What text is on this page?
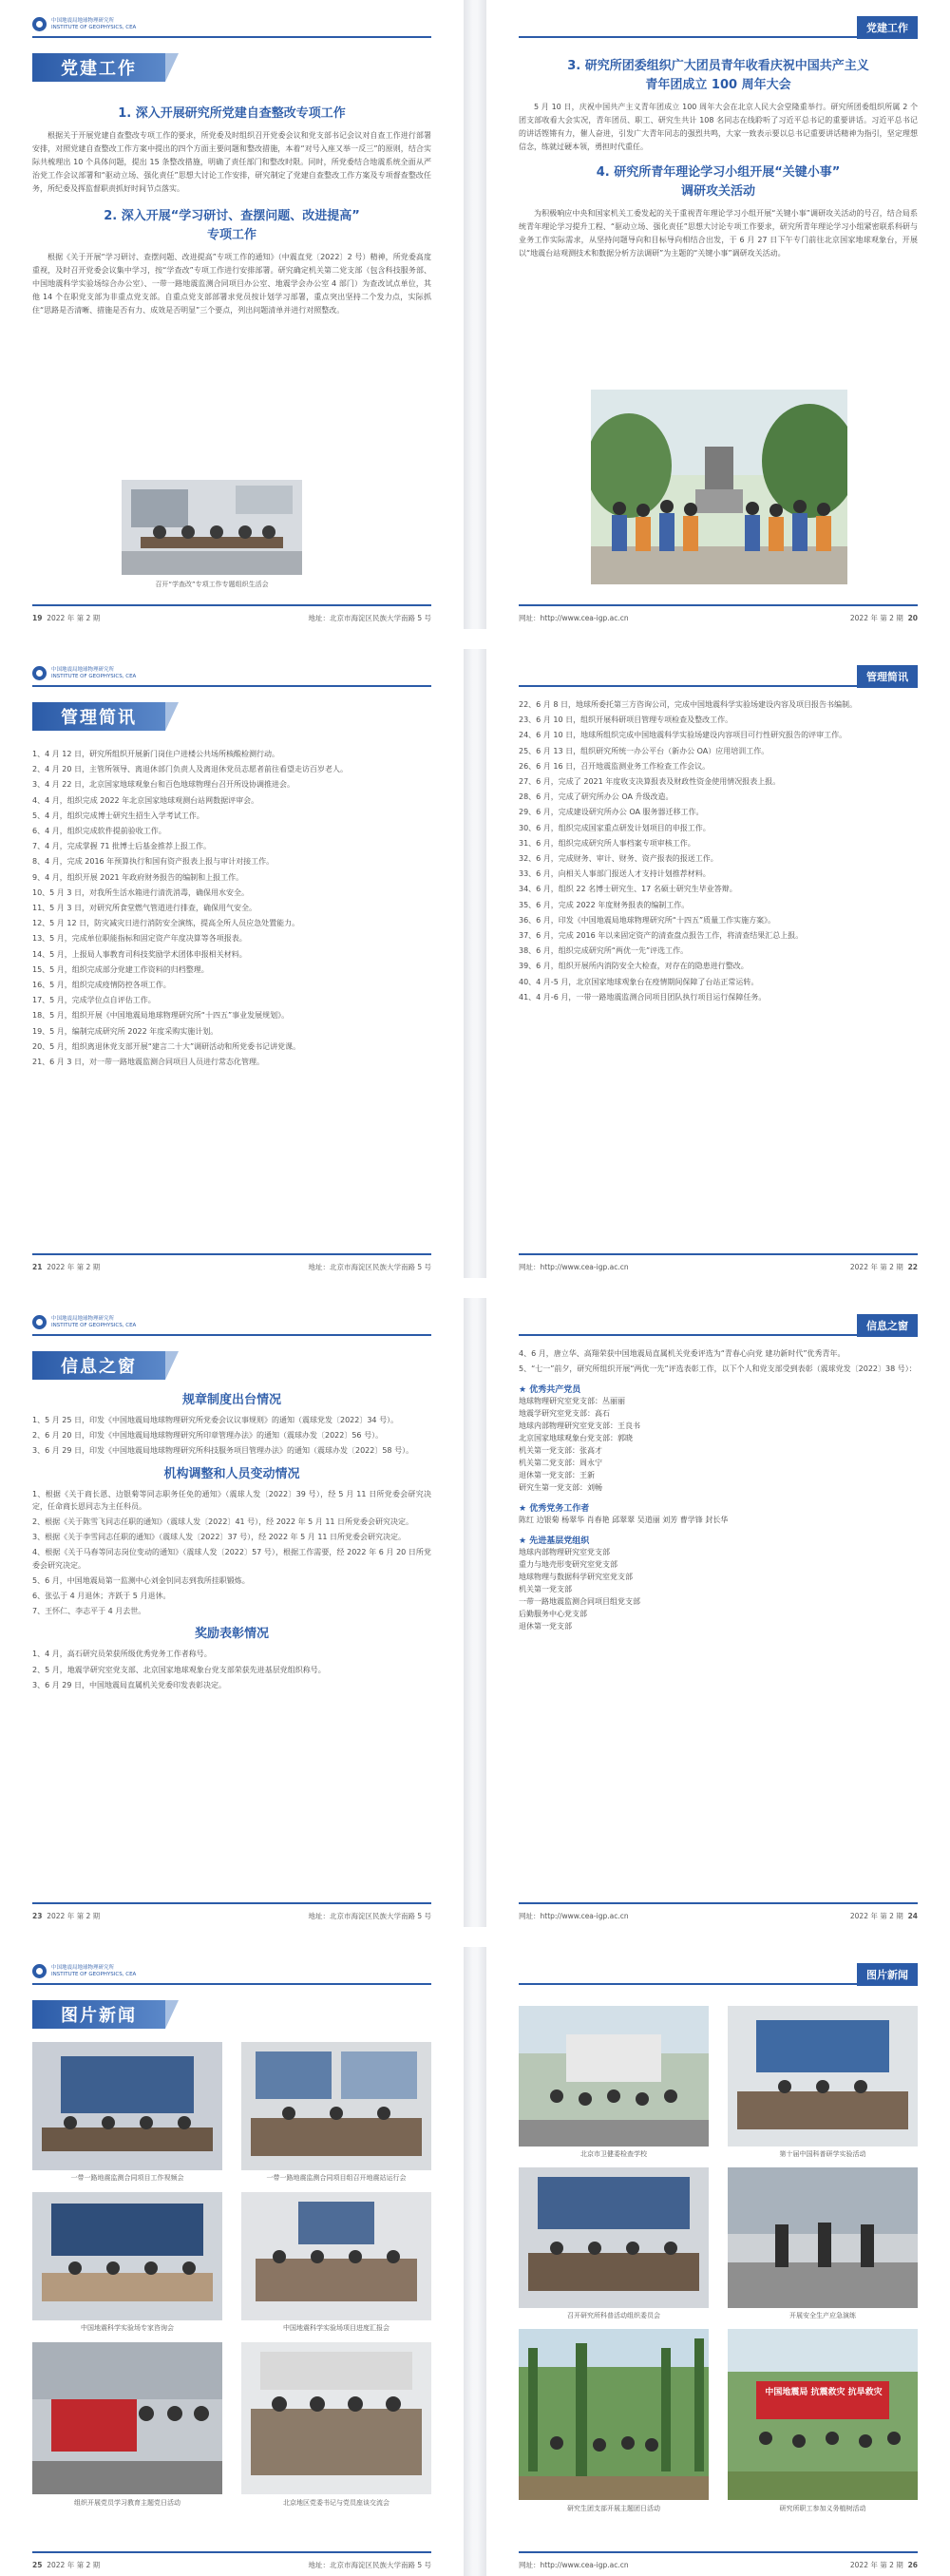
中国地震局地球物理研究所
INSTITUTE OF GEOPHYSICS, CEA
党建工作
1. 深入开展研究所党建自查整改专项工作
根据关于开展党建自查整改专项工作的要求，所党委及时组织召开党委会议和党支部书记会议对自查工作进行部署安排，对照党建自查整改工作方案中提出的四个方面主要问题和整改措施，本着“对号入座又举一反三”的原则，结合实际共梳理出 10 个具体问题，提出 15 条整改措施，明确了责任部门和整改时限。同时，所党委结合地震系统全面从严治党工作会议部署和“驱动立场、强化责任”思想大讨论工作安排，研究制定了党建自查整改工作方案及专项督查整改任务，所纪委及挥监督职责抓好时间节点落实。
2. 深入开展“学习研讨、查摆问题、改进提高”
专项工作
根据《关于开展“学习研讨、查摆问题、改进提高”专项工作的通知》（中震直党〔2022〕2 号）精神，所党委高度重视，及时召开党委会议集中学习，按“学查改”专项工作进行安排部署。研究确定机关第二党支部（包含科技服务部、中国地震科学实验场综合办公室）、一带一路地震监测合同项目办公室、地震学会办公室 4 部门）为查改试点单位，其他 14 个在职党支部为非重点党支部。自重点党支部部署求党员按计划学习部署，重点突出坚持二个发力点，实际抓住“思路是否清晰、措施是否有力、成效是否明显”三个要点，列出问题清单并进行对照整改。
召开“学查改”专项工作专题组织生活会
19 2022 年 第 2 期	地址：北京市海淀区民族大学南路 5 号
党建工作
3. 研究所团委组织广大团员青年收看庆祝中国共产主义
青年团成立 100 周年大会
5 月 10 日，庆祝中国共产主义青年团成立 100 周年大会在北京人民大会堂隆重举行。研究所团委组织所属 2 个团支部收看大会实况，青年团员、职工、研究生共计 108 名同志在线聆听了习近平总书记的重要讲话。习近平总书记的讲话铿锵有力，催人奋进，引发广大青年同志的强烈共鸣，大家一致表示要以总书记重要讲话精神为指引，坚定理想信念，练就过硬本领，勇担时代重任。
4. 研究所青年理论学习小组开展“关键小事”
调研攻关活动
为积极响应中央和国家机关工委发起的关于重视青年理论学习小组开展“关键小事”调研攻关活动的号召，结合局系统青年理论学习提升工程、“驱动立场、强化责任”思想大讨论专项工作要求，研究所青年理论学习小组紧密联系科研与业务工作实际需求，从坚持问题导向和目标导向相结合出发，于 6 月 27 日下午专门前往北京国家地球观象台，开展以“地震台站观测技术和数据分析方法调研”为主题的“关键小事”调研攻关活动。
网址：http://www.cea-igp.ac.cn	2022 年 第 2 期 20
中国地震局地球物理研究所
INSTITUTE OF GEOPHYSICS, CEA
管理简讯
1、4 月 12 日，研究所组织开展新门岗住户进楼公共场所核酸检测行动。
2、4 月 20 日，主管所领导、离退休部门负责人及离退休党员志愿者前往看望走访百岁老人。
3、4 月 22 日，北京国家地球观象台和百色地球物理台召开所设协调推进会。
4、4 月，组织完成 2022 年北京国家地球观测台站网数据评审会。
5、4 月，组织完成博士研究生招生入学考试工作。
6、4 月，组织完成软件提前验收工作。
7、4 月，完成掌握 71 批博士后基金推荐上报工作。
8、4 月，完成 2016 年预算执行和国有资产报表上报与审计对接工作。
9、4 月，组织开展 2021 年政府财务报告的编制和上报工作。
10、5 月 3 日，对我所生活水箱进行清洗消毒，确保用水安全。
11、5 月 3 日，对研究所食堂燃气管道进行排查，确保用气安全。
12、5 月 12 日，防灾减灾日进行消防安全演练，提高全所人员应急处置能力。
13、5 月，完成单位职能指标和固定资产年度决算等各项报表。
14、5 月，上报局人事教育司科技奖励学术团体申报相关材料。
15、5 月，组织完成部分党建工作资料的归档整理。
16、5 月，组织完成疫情防控各项工作。
17、5 月，完成学位点自评估工作。
18、5 月，组织开展《中国地震局地球物理研究所“十四五”事业发展规划》。
19、5 月，编制完成研究所 2022 年度采购实施计划。
20、5 月，组织离退休党支部开展“建言二十大”调研活动和所党委书记讲党课。
21、6 月 3 日，对一带一路地震监测合同项目人员进行常态化管理。
21 2022 年 第 2 期	地址：北京市海淀区民族大学南路 5 号
管理简讯
22、6 月 8 日，地球所委托第三方咨询公司，完成中国地震科学实验场建设内容及项目报告书编制。
23、6 月 10 日，组织开展科研项目管理专项检查及整改工作。
24、6 月 10 日，地球所组织完成中国地震科学实验场建设内容项目可行性研究报告的评审工作。
25、6 月 13 日，组织研究所统一办公平台（新办公 OA）应用培训工作。
26、6 月 16 日，召开地震监测业务工作检查工作会议。
27、6 月，完成了 2021 年度收支决算报表及财政性资金使用情况报表上报。
28、6 月，完成了研究所办公 OA 升级改造。
29、6 月，完成建设研究所办公 OA 服务器迁移工作。
30、6 月，组织完成国家重点研发计划项目的申报工作。
31、6 月，组织完成研究所人事档案专项审核工作。
32、6 月，完成财务、审计、财务、资产报表的报送工作。
33、6 月，向相关人事部门报送人才支持计划推荐材料。
34、6 月，组织 22 名博士研究生、17 名硕士研究生毕业答辩。
35、6 月，完成 2022 年度财务报表的编制工作。
36、6 月，印发《中国地震局地球物理研究所“十四五”质量工作实施方案》。
37、6 月，完成 2016 年以来固定资产的清查盘点报告工作，将清查结果汇总上报。
38、6 月，组织完成研究所“两优一先”评选工作。
39、6 月，组织开展所内消防安全大检查，对存在的隐患进行整改。
40、4 月-5 月，北京国家地球观象台在疫情期间保障了台站正常运转。
41、4 月-6 月，一带一路地震监测合同项目团队执行项目运行保障任务。
网址：http://www.cea-igp.ac.cn	2022 年 第 2 期 22
中国地震局地球物理研究所
INSTITUTE OF GEOPHYSICS, CEA
信息之窗
规章制度出台情况
1、5 月 25 日，印发《中国地震局地球物理研究所党委会议议事规则》的通知（震球党发〔2022〕34 号）。
2、6 月 20 日，印发《中国地震局地球物理研究所印章管理办法》的通知（震球办发〔2022〕56 号）。
3、6 月 29 日，印发《中国地震局地球物理研究所科技服务项目管理办法》的通知（震球办发〔2022〕58 号）。
机构调整和人员变动情况
1、根据《关于商长恩、边银菊等同志职务任免的通知》（震球人发〔2022〕39 号），经 5 月 11 日所党委会研究决定，任命商长恩同志为主任科员。
2、根据《关于陈雪飞同志任职的通知》（震球人发〔2022〕41 号），经 2022 年 5 月 11 日所党委会研究决定。
3、根据《关于李雪同志任职的通知》（震球人发〔2022〕37 号），经 2022 年 5 月 11 日所党委会研究决定。
4、根据《关于马春等同志岗位变动的通知》（震球人发〔2022〕57 号），根据工作需要，经 2022 年 6 月 20 日所党委会研究决定。
5、6 月，中国地震局第一监测中心刘金钊同志到我所挂职锻炼。
6、张弘于 4 月退休；齐跃于 5 月退休。
7、王怀仁、李志平于 4 月去世。
奖励表彰情况
1、4 月，高石研究员荣获所级优秀党务工作者称号。
2、5 月，地震学研究室党支部、北京国家地球观象台党支部荣获先进基层党组织称号。
3、6 月 29 日，中国地震局直属机关党委印发表彰决定。
23 2022 年 第 2 期	地址：北京市海淀区民族大学南路 5 号
信息之窗
4、6 月，唐立华、高翔荣获中国地震局直属机关党委评选为“青春心向党 建功新时代”优秀青年。
5、“七一”前夕，研究所组织开展“两优一先”评选表彰工作，以下个人和党支部受到表彰（震球党发〔2022〕38 号）：
★ 优秀共产党员
地球物理研究室党支部：丛丽丽
地震学研究室党支部：高石
地球内部物理研究室党支部：王良书
北京国家地球观象台党支部：郭晓
机关第一党支部：张高才
机关第二党支部：周永宁
退休第一党支部：王新
研究生第一党支部：刘畅
★ 优秀党务工作者
陈红 边银菊 杨翠华 肖春艳 邱翠翠 吴道丽 刘芳 曹学锋 封长华
★ 先进基层党组织
地球内部物理研究室党支部
重力与地壳形变研究室党支部
地球物理与数据科学研究室党支部
机关第一党支部
一带一路地震监测合同项目组党支部
后勤服务中心党支部
退休第一党支部
网址：http://www.cea-igp.ac.cn	2022 年 第 2 期 24
中国地震局地球物理研究所
INSTITUTE OF GEOPHYSICS, CEA
图片新闻
一带一路地震监测合同项目工作视频会	一带一路地震监测合同项目组召开地震站运行会
中国地震科学实验场专家咨询会	中国地震科学实验场项目进度汇报会
组织开展党员学习教育主题党日活动	北京地区党委书记与党员座谈交流会
25 2022 年 第 2 期	地址：北京市海淀区民族大学南路 5 号
图片新闻
北京市卫健委检查学校	第十届中国科普研学实验活动
召开研究所科普活动组织委员会	开展安全生产应急演练
研究生团支部开展主题团日活动
中国地震局 抗震救灾 抗旱救灾
研究所职工参加义务植树活动
网址：http://www.cea-igp.ac.cn	2022 年 第 2 期 26
